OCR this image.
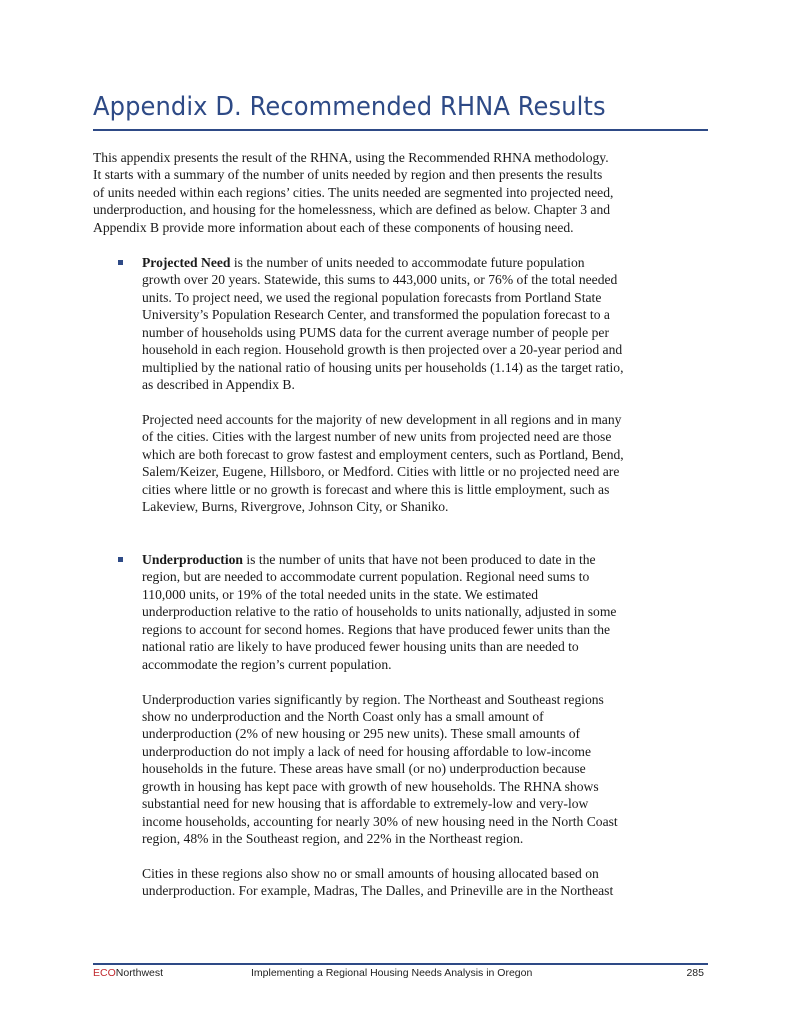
Appendix D. Recommended RHNA Results
This appendix presents the result of the RHNA, using the Recommended RHNA methodology.
It starts with a summary of the number of units needed by region and then presents the results
of units needed within each regions’ cities. The units needed are segmented into projected need,
underproduction, and housing for the homelessness, which are defined as below. Chapter 3 and
Appendix B provide more information about each of these components of housing need.
Projected Need is the number of units needed to accommodate future population
growth over 20 years. Statewide, this sums to 443,000 units, or 76% of the total needed
units. To project need, we used the regional population forecasts from Portland State
University’s Population Research Center, and transformed the population forecast to a
number of households using PUMS data for the current average number of people per
household in each region. Household growth is then projected over a 20-year period and
multiplied by the national ratio of housing units per households (1.14) as the target ratio,
as described in Appendix B.
Projected need accounts for the majority of new development in all regions and in many
of the cities. Cities with the largest number of new units from projected need are those
which are both forecast to grow fastest and employment centers, such as Portland, Bend,
Salem/Keizer, Eugene, Hillsboro, or Medford. Cities with little or no projected need are
cities where little or no growth is forecast and where this is little employment, such as
Lakeview, Burns, Rivergrove, Johnson City, or Shaniko.
Underproduction is the number of units that have not been produced to date in the
region, but are needed to accommodate current population. Regional need sums to
110,000 units, or 19% of the total needed units in the state. We estimated
underproduction relative to the ratio of households to units nationally, adjusted in some
regions to account for second homes. Regions that have produced fewer units than the
national ratio are likely to have produced fewer housing units than are needed to
accommodate the region’s current population.
Underproduction varies significantly by region. The Northeast and Southeast regions
show no underproduction and the North Coast only has a small amount of
underproduction (2% of new housing or 295 new units). These small amounts of
underproduction do not imply a lack of need for housing affordable to low-income
households in the future. These areas have small (or no) underproduction because
growth in housing has kept pace with growth of new households. The RHNA shows
substantial need for new housing that is affordable to extremely-low and very-low
income households, accounting for nearly 30% of new housing need in the North Coast
region, 48% in the Southeast region, and 22% in the Northeast region.
Cities in these regions also show no or small amounts of housing allocated based on
underproduction. For example, Madras, The Dalles, and Prineville are in the Northeast
ECONorthwest	Implementing a Regional Housing Needs Analysis in Oregon	285
